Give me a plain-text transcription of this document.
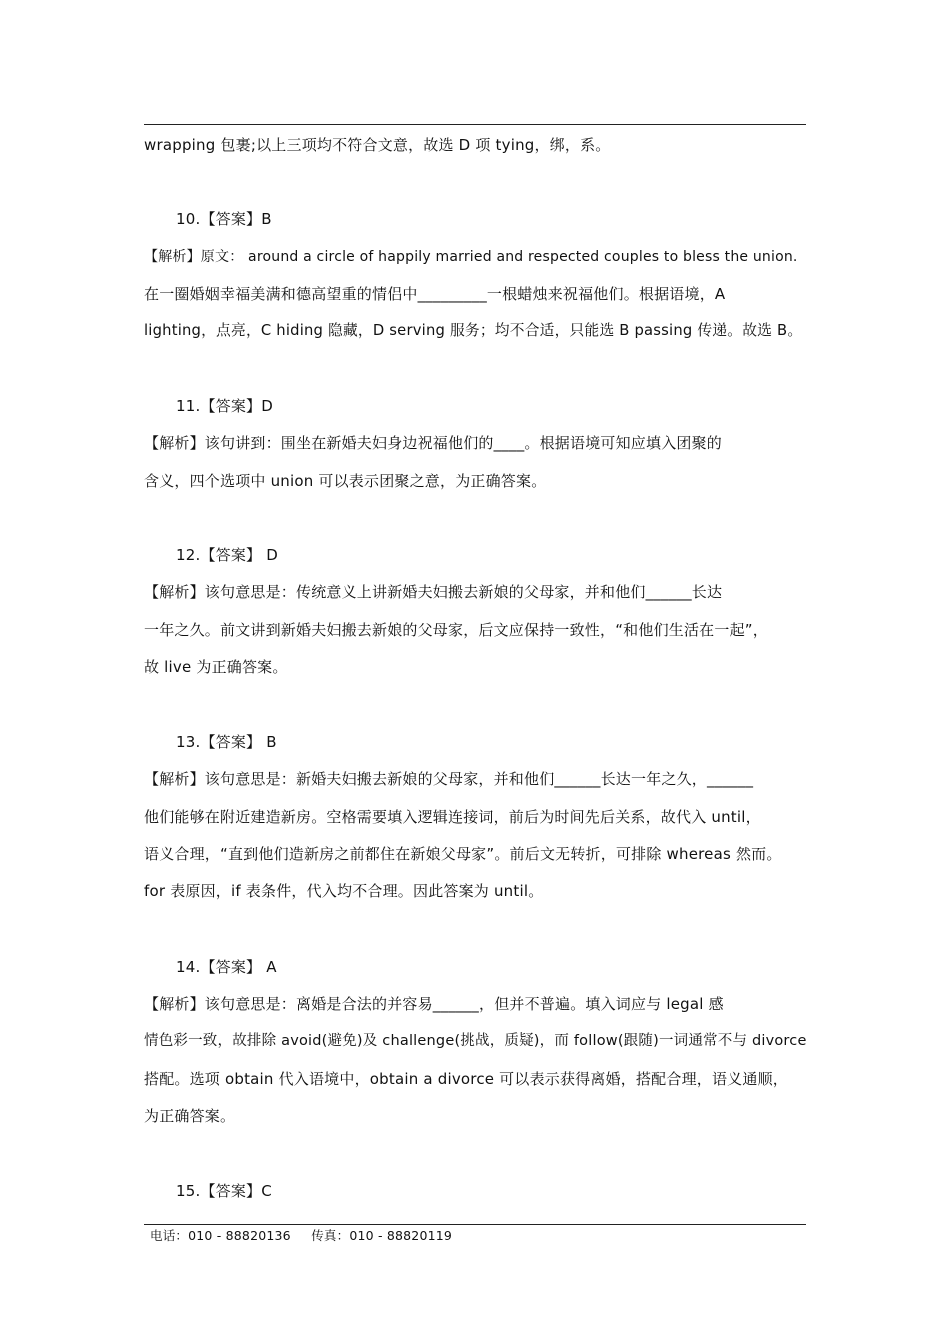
wrapping 包裹;以上三项均不符合文意，故选 D 项 tying，绑，系。
10.【答案】B
【解析】原文： around a circle of happily married and respected couples to bless the union.
在一圈婚姻幸福美满和德高望重的情侣中_________一根蜡烛来祝福他们。根据语境，A
lighting，点亮，C hiding 隐藏，D serving 服务；均不合适，只能选 B passing 传递。故选 B。
11.【答案】D
【解析】该句讲到：围坐在新婚夫妇身边祝福他们的____。根据语境可知应填入团聚的
含义，四个选项中 union 可以表示团聚之意，为正确答案。
12.【答案】 D
【解析】该句意思是：传统意义上讲新婚夫妇搬去新娘的父母家，并和他们______长达
一年之久。前文讲到新婚夫妇搬去新娘的父母家，后文应保持一致性，“和他们生活在一起”，
故 live 为正确答案。
13.【答案】 B
【解析】该句意思是：新婚夫妇搬去新娘的父母家，并和他们______长达一年之久，______
他们能够在附近建造新房。空格需要填入逻辑连接词，前后为时间先后关系，故代入 until，
语义合理，“直到他们造新房之前都住在新娘父母家”。前后文无转折，可排除 whereas 然而。
for 表原因，if 表条件，代入均不合理。因此答案为 until。
14.【答案】 A
【解析】该句意思是：离婚是合法的并容易______，但并不普遍。填入词应与 legal 感
情色彩一致，故排除 avoid(避免)及 challenge(挑战，质疑)，而 follow(跟随)一词通常不与 divorce
搭配。选项 obtain 代入语境中，obtain a divorce 可以表示获得离婚，搭配合理，语义通顺，
为正确答案。
15.【答案】C
电话：010 - 88820136 传真：010 - 88820119
